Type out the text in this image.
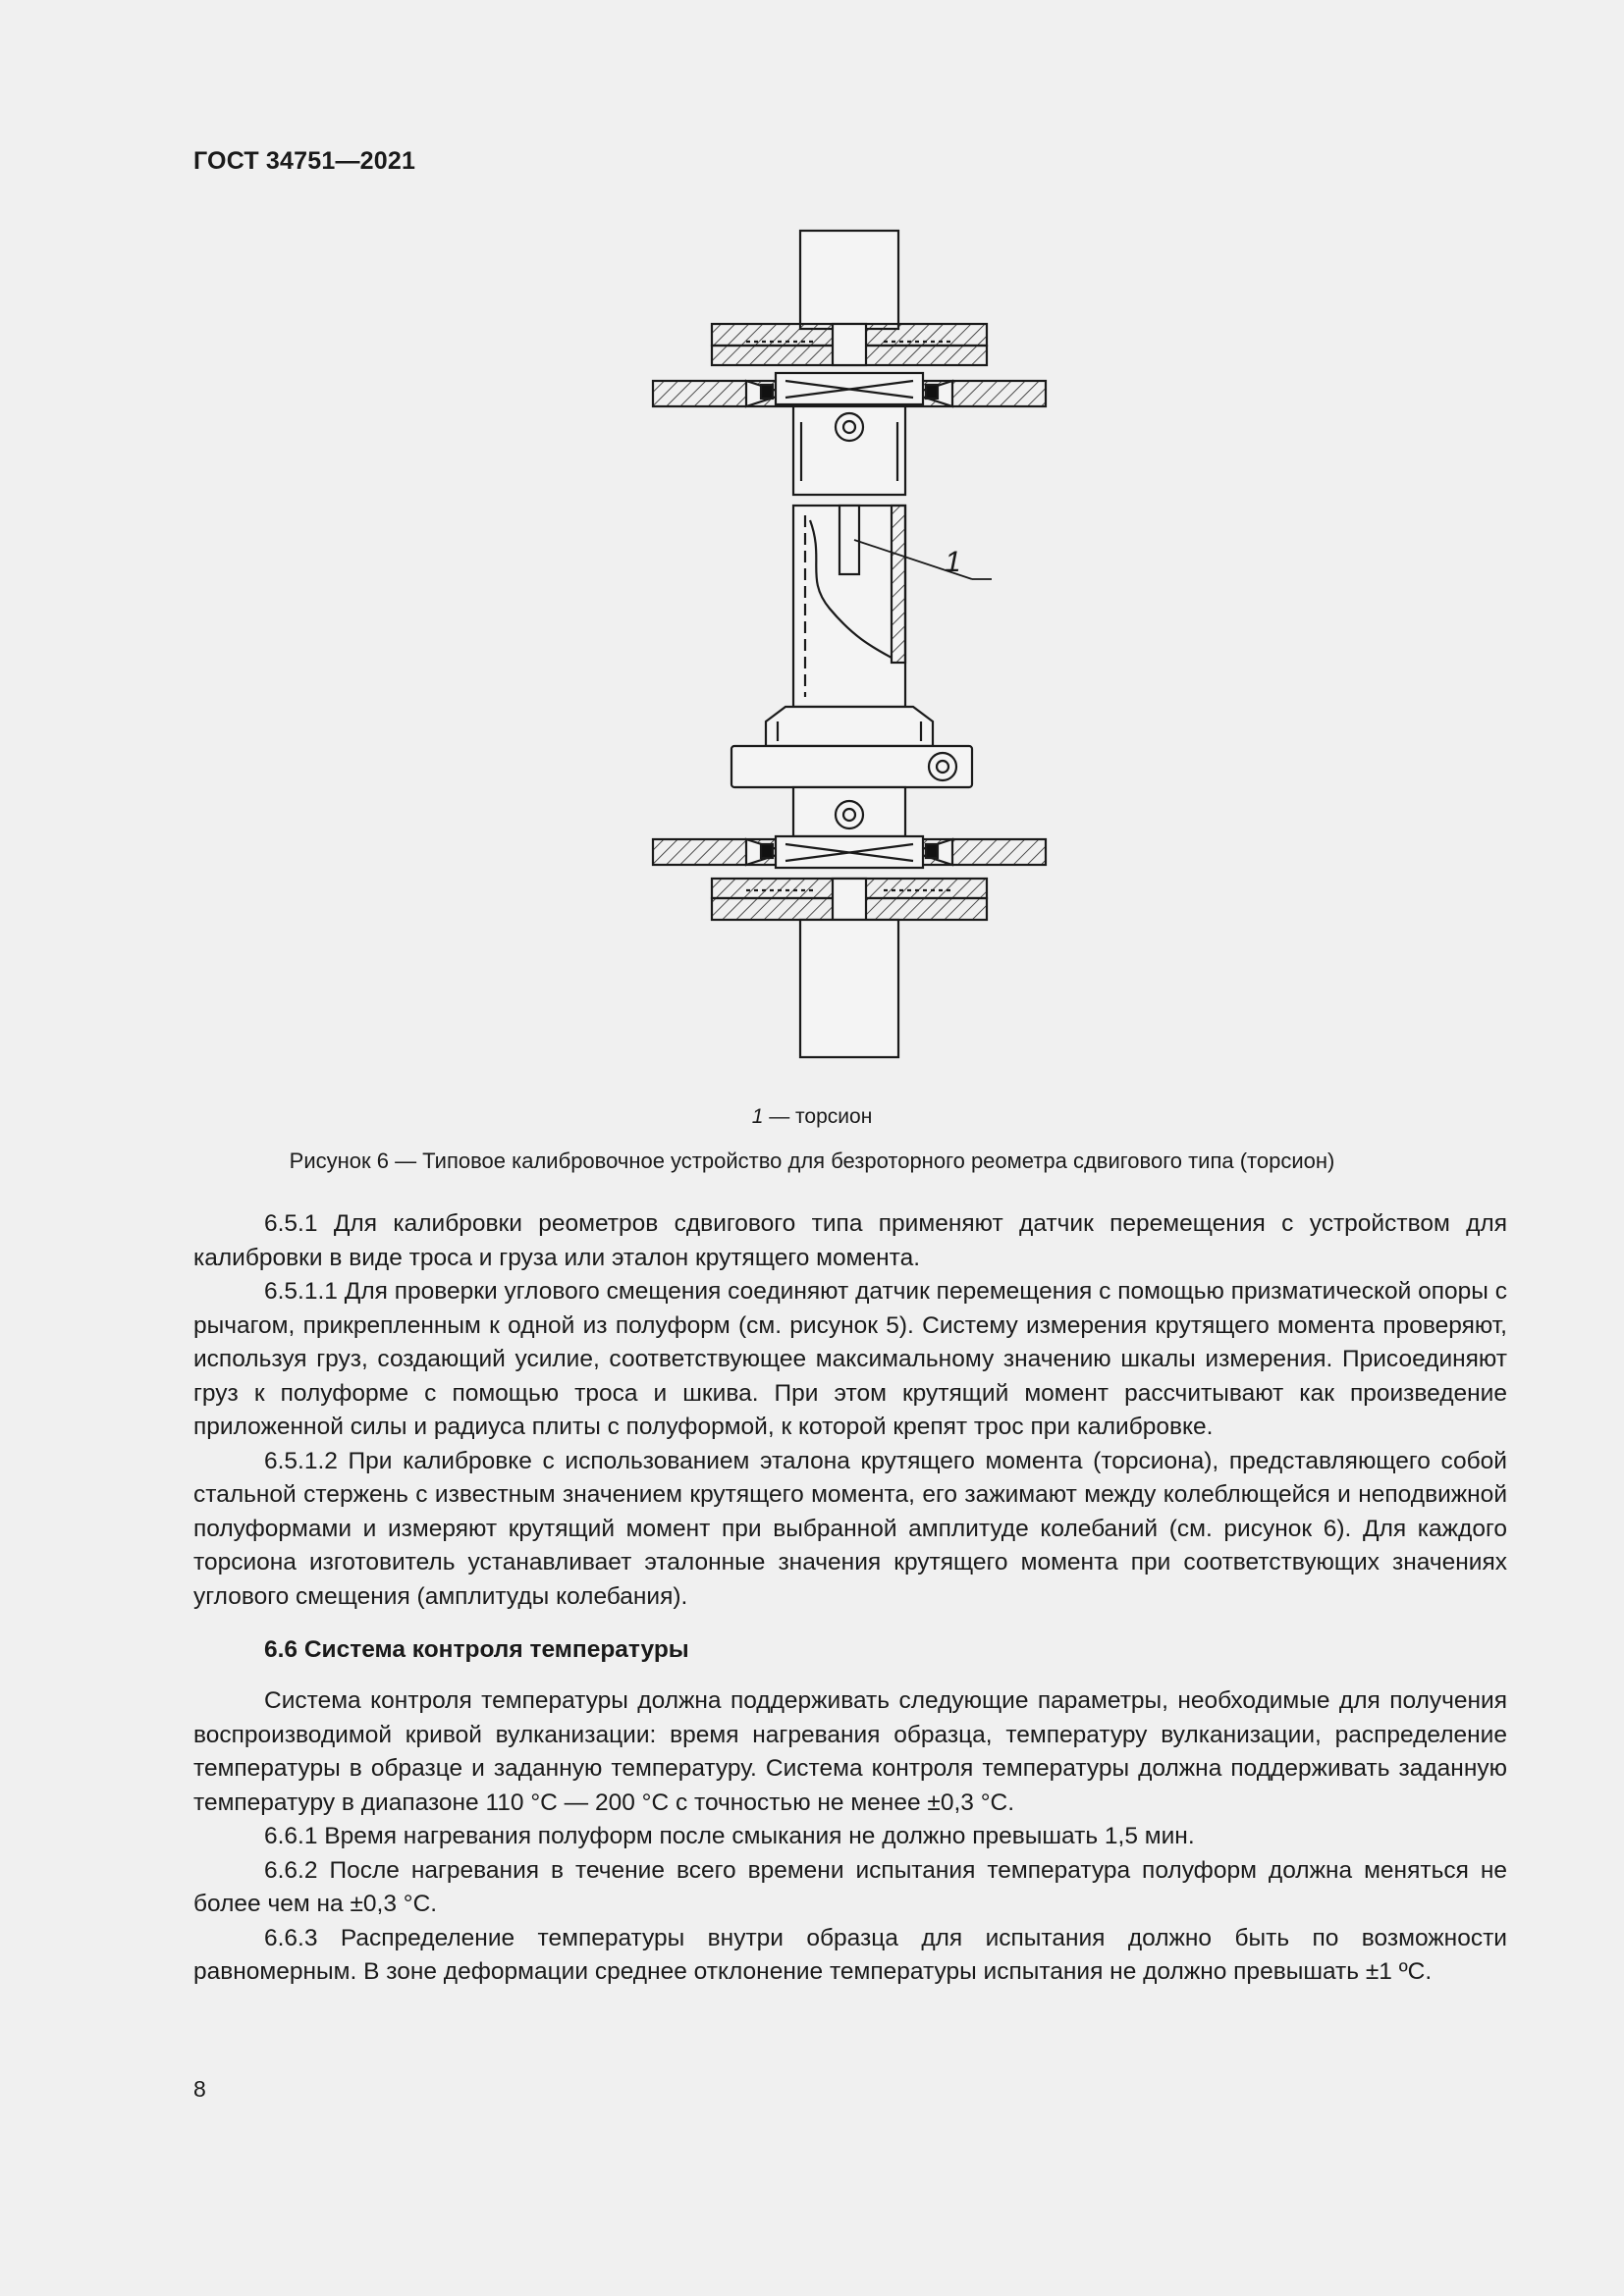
ГОСТ 34751—2021
1
1 — торсион
Рисунок 6 — Типовое калибровочное устройство для безроторного реометра сдвигового типа (торсион)

6.5.1 Для калибровки реометров сдвигового типа применяют датчик перемещения с устройством для калибровки в виде троса и груза или эталон крутящего момента.

6.5.1.1 Для проверки углового смещения соединяют датчик перемещения с помощью призматической опоры с рычагом, прикрепленным к одной из полуформ (см. рисунок 5). Систему измерения крутящего момента проверяют, используя груз, создающий усилие, соответствующее максимальному значению шкалы измерения. Присоединяют груз к полуформе с помощью троса и шкива. При этом крутящий момент рассчитывают как произведение приложенной силы и радиуса плиты с полуформой, к которой крепят трос при калибровке.

6.5.1.2 При калибровке с использованием эталона крутящего момента (торсиона), представляющего собой стальной стержень с известным значением крутящего момента, его зажимают между колеблющейся и неподвижной полуформами и измеряют крутящий момент при выбранной амплитуде колебаний (см. рисунок 6). Для каждого торсиона изготовитель устанавливает эталонные значения крутящего момента при соответствующих значениях углового смещения (амплитуды колебания).

6.6 Система контроля температуры

Система контроля температуры должна поддерживать следующие параметры, необходимые для получения воспроизводимой кривой вулканизации: время нагревания образца, температуру вулканизации, распределение температуры в образце и заданную температуру. Система контроля температуры должна поддерживать заданную температуру в диапазоне 110 °С — 200 °С с точностью не менее ±0,3 °С.

6.6.1 Время нагревания полуформ после смыкания не должно превышать 1,5 мин.

6.6.2 После нагревания в течение всего времени испытания температура полуформ должна меняться не более чем на ±0,3 °С.

6.6.3 Распределение температуры внутри образца для испытания должно быть по возможности равномерным. В зоне деформации среднее отклонение температуры испытания не должно превышать ±1 ºС.

8
